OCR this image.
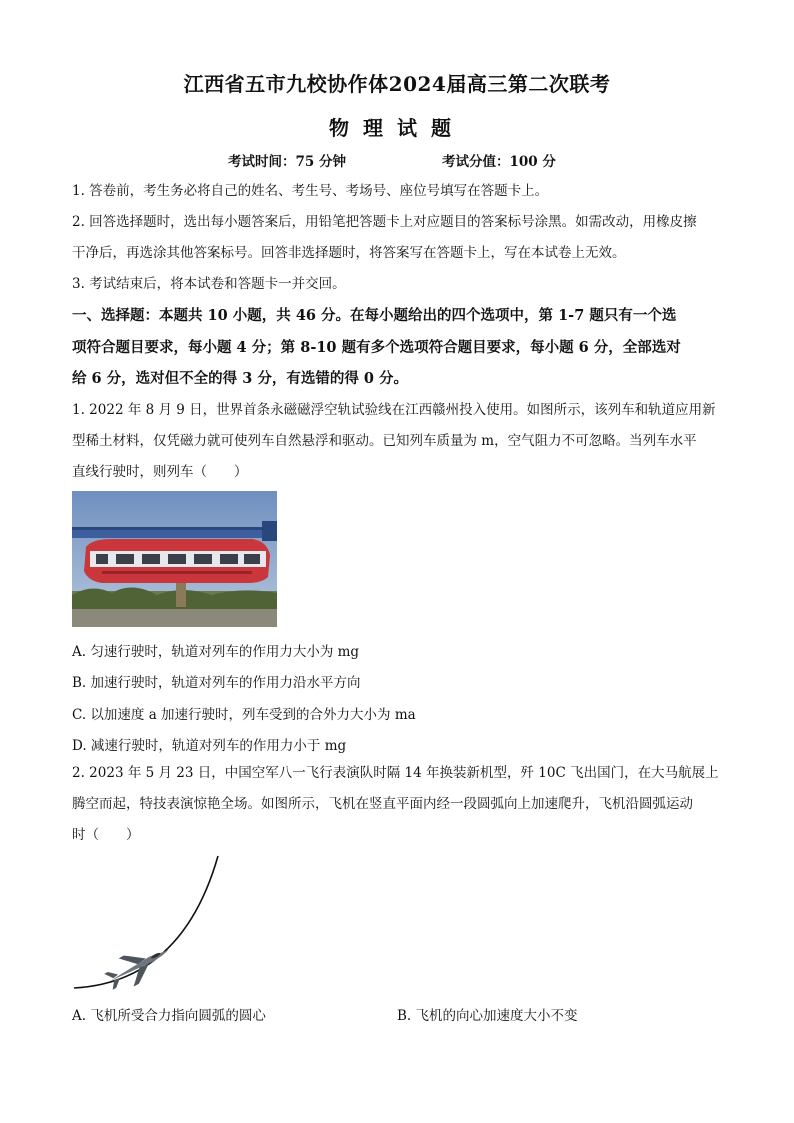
江西省五市九校协作体2024届高三第二次联考
物理试题
考试时间：75 分钟	考试分值：100 分
1. 答卷前，考生务必将自己的姓名、考生号、考场号、座位号填写在答题卡上。
2. 回答选择题时，选出每小题答案后，用铅笔把答题卡上对应题目的答案标号涂黑。如需改动，用橡皮擦
干净后，再选涂其他答案标号。回答非选择题时，将答案写在答题卡上，写在本试卷上无效。
3. 考试结束后，将本试卷和答题卡一并交回。
一、选择题：本题共 10 小题，共 46 分。在每小题给出的四个选项中，第 1-7 题只有一个选
项符合题目要求，每小题 4 分；第 8-10 题有多个选项符合题目要求，每小题 6 分，全部选对
给 6 分，选对但不全的得 3 分，有选错的得 0 分。
1. 2022 年 8 月 9 日，世界首条永磁磁浮空轨试验线在江西赣州投入使用。如图所示，该列车和轨道应用新
型稀土材料，仅凭磁力就可使列车自然悬浮和驱动。已知列车质量为 m，空气阻力不可忽略。当列车水平
直线行驶时，则列车（　　）
A. 匀速行驶时，轨道对列车的作用力大小为 mg
B. 加速行驶时，轨道对列车的作用力沿水平方向
C. 以加速度 a 加速行驶时，列车受到的合外力大小为 ma
D. 减速行驶时，轨道对列车的作用力小于 mg
2. 2023 年 5 月 23 日，中国空军八一飞行表演队时隔 14 年换装新机型，歼 10C 飞出国门，在大马航展上
腾空而起，特技表演惊艳全场。如图所示，飞机在竖直平面内经一段圆弧向上加速爬升，飞机沿圆弧运动
时（　　）
A. 飞机所受合力指向圆弧的圆心	B. 飞机的向心加速度大小不变
